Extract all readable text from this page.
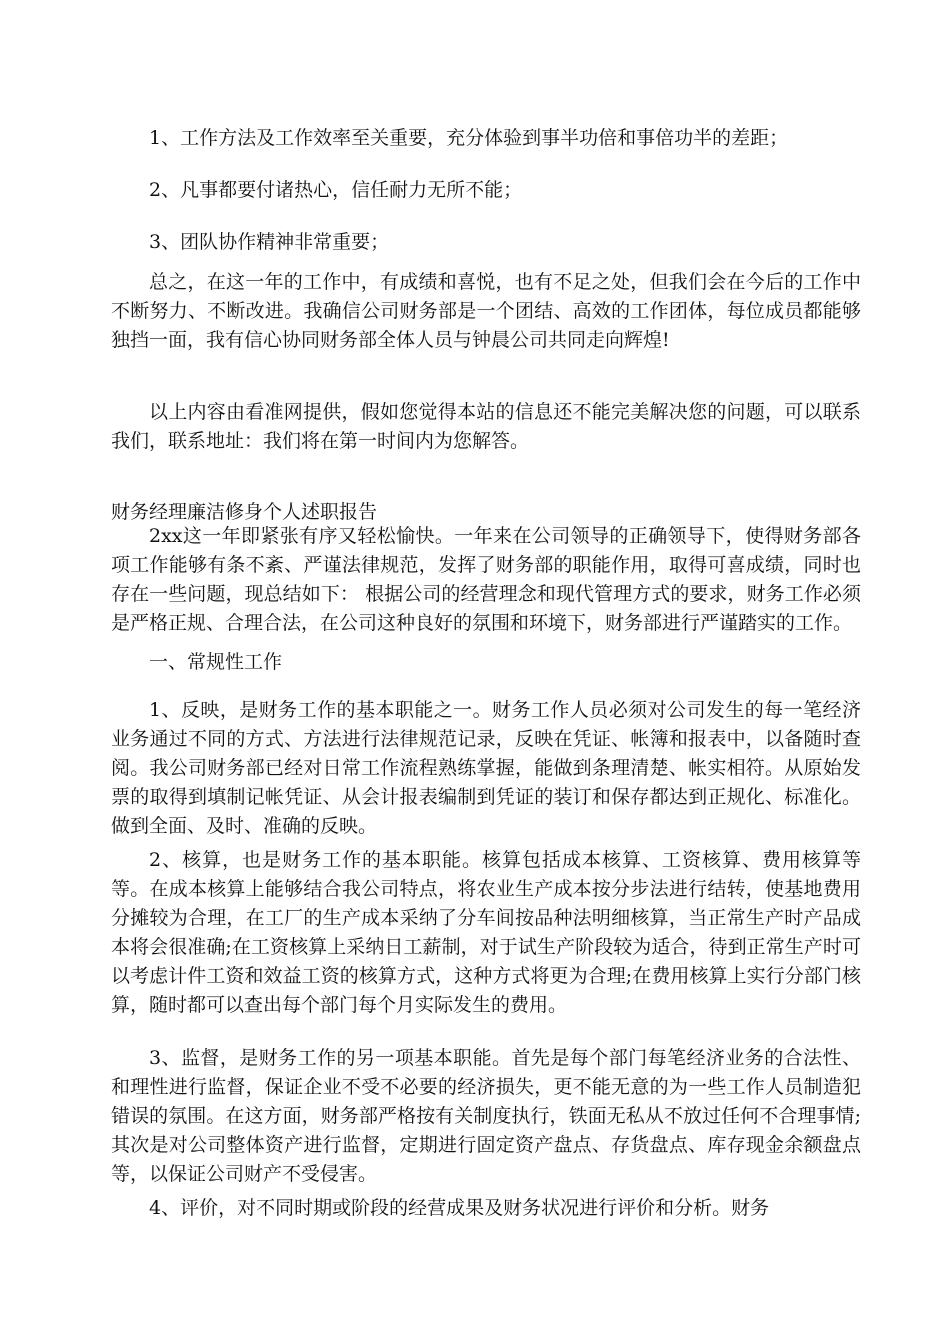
1、工作方法及工作效率至关重要，充分体验到事半功倍和事倍功半的差距；

2、凡事都要付诸热心，信任耐力无所不能；

3、团队协作精神非常重要；

总之，在这一年的工作中，有成绩和喜悦，也有不足之处，但我们会在今后的工作中不断努力、不断改进。我确信公司财务部是一个团结、高效的工作团体，每位成员都能够独挡一面，我有信心协同财务部全体人员与钟晨公司共同走向辉煌!

以上内容由看准网提供，假如您觉得本站的信息还不能完美解决您的问题，可以联系我们，联系地址：我们将在第一时间内为您解答。

财务经理廉洁修身个人述职报告

2xx这一年即紧张有序又轻松愉快。一年来在公司领导的正确领导下，使得财务部各项工作能够有条不紊、严谨法律规范，发挥了财务部的职能作用，取得可喜成绩，同时也存在一些问题，现总结如下： 根据公司的经营理念和现代管理方式的要求，财务工作必须是严格正规、合理合法，在公司这种良好的氛围和环境下，财务部进行严谨踏实的工作。

一、常规性工作

1、反映，是财务工作的基本职能之一。财务工作人员必须对公司发生的每一笔经济业务通过不同的方式、方法进行法律规范记录，反映在凭证、帐簿和报表中，以备随时查阅。我公司财务部已经对日常工作流程熟练掌握，能做到条理清楚、帐实相符。从原始发票的取得到填制记帐凭证、从会计报表编制到凭证的装订和保存都达到正规化、标准化。做到全面、及时、准确的反映。

2、核算，也是财务工作的基本职能。核算包括成本核算、工资核算、费用核算等等。在成本核算上能够结合我公司特点，将农业生产成本按分步法进行结转，使基地费用分摊较为合理，在工厂的生产成本采纳了分车间按品种法明细核算，当正常生产时产品成本将会很准确;在工资核算上采纳日工薪制，对于试生产阶段较为适合，待到正常生产时可以考虑计件工资和效益工资的核算方式，这种方式将更为合理;在费用核算上实行分部门核算，随时都可以查出每个部门每个月实际发生的费用。

3、监督，是财务工作的另一项基本职能。首先是每个部门每笔经济业务的合法性、和理性进行监督，保证企业不受不必要的经济损失，更不能无意的为一些工作人员制造犯错误的氛围。在这方面，财务部严格按有关制度执行，铁面无私从不放过任何不合理事情;其次是对公司整体资产进行监督，定期进行固定资产盘点、存货盘点、库存现金余额盘点等，以保证公司财产不受侵害。

4、评价，对不同时期或阶段的经营成果及财务状况进行评价和分析。财务
